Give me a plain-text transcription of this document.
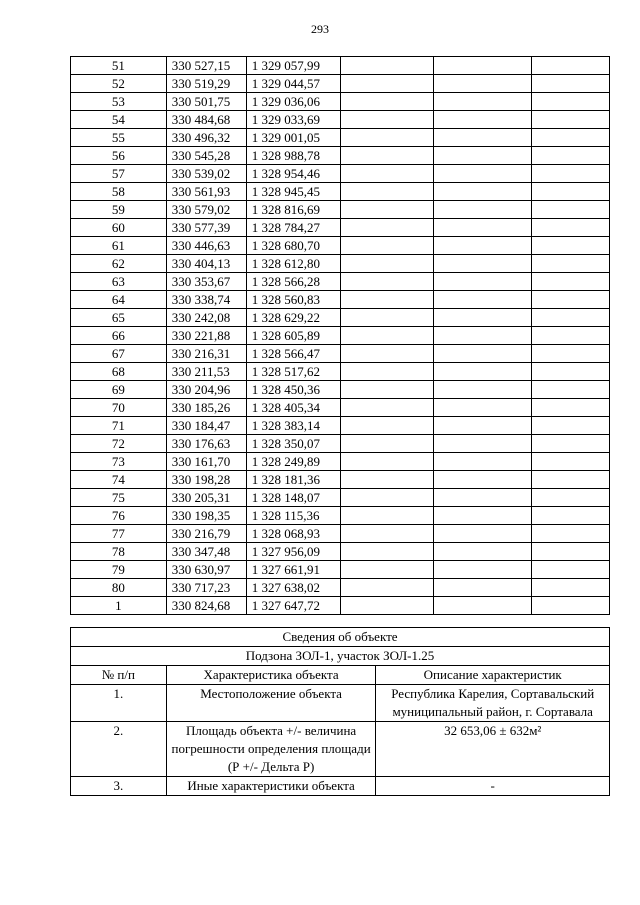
293
51	330 527,15	1 329 057,99			
52	330 519,29	1 329 044,57			
53	330 501,75	1 329 036,06			
54	330 484,68	1 329 033,69			
55	330 496,32	1 329 001,05			
56	330 545,28	1 328 988,78			
57	330 539,02	1 328 954,46			
58	330 561,93	1 328 945,45			
59	330 579,02	1 328 816,69			
60	330 577,39	1 328 784,27			
61	330 446,63	1 328 680,70			
62	330 404,13	1 328 612,80			
63	330 353,67	1 328 566,28			
64	330 338,74	1 328 560,83			
65	330 242,08	1 328 629,22			
66	330 221,88	1 328 605,89			
67	330 216,31	1 328 566,47			
68	330 211,53	1 328 517,62			
69	330 204,96	1 328 450,36			
70	330 185,26	1 328 405,34			
71	330 184,47	1 328 383,14			
72	330 176,63	1 328 350,07			
73	330 161,70	1 328 249,89			
74	330 198,28	1 328 181,36			
75	330 205,31	1 328 148,07			
76	330 198,35	1 328 115,36			
77	330 216,79	1 328 068,93			
78	330 347,48	1 327 956,09			
79	330 630,97	1 327 661,91			
80	330 717,23	1 327 638,02			
1	330 824,68	1 327 647,72			
Сведения об объекте		
Подзона ЗОЛ-1, участок ЗОЛ-1.25		
№ п/п	Характеристика объекта	Описание характеристик
1.	Местоположение объекта	Республика Карелия, Сортавальский муниципальный район, г. Сортавала
2.	Площадь объекта +/- величина погрешности определения площади (Р +/- Дельта Р)	32 653,06 ± 632м²
3.	Иные характеристики объекта	-
